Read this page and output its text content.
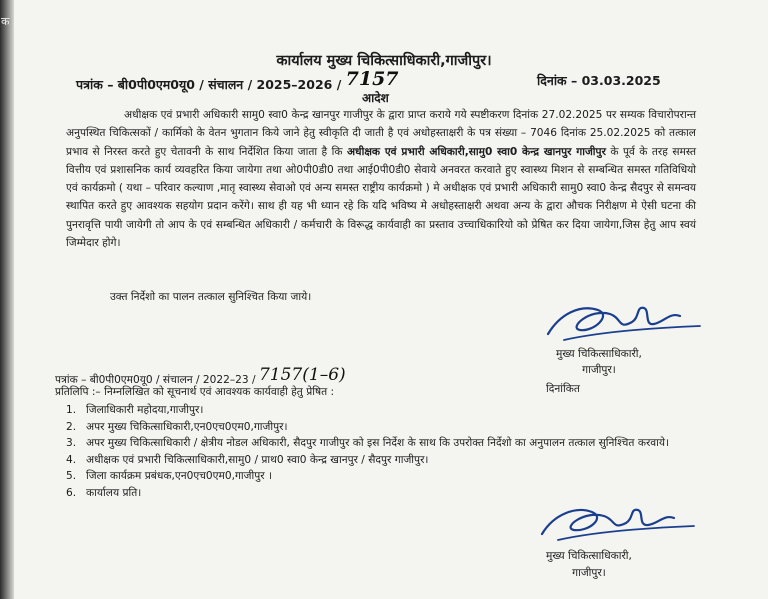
क
कार्यालय मुख्य चिकित्साधिकारी,गाजीपुर।
पत्रांक – बी0पी0एम0यू0 / संचालन / 2025–2026 / 7157	दिनांक – 03.03.2025
आदेश

अधीक्षक एवं प्रभारी अधिकारी सामु0 स्वा0 केन्द्र खानपुर गाजीपुर के द्वारा प्राप्त कराये गये स्पष्टीकरण दिनांक 27.02.2025 पर सम्यक विचारोपरान्त अनुपस्थित चिकित्सकों / कार्मिको के वेतन भुगतान किये जाने हेतु स्वीकृति दी जाती है एवं अधोहस्ताक्षरी के पत्र संख्या – 7046 दिनांक 25.02.2025 को तत्काल प्रभाव से निरस्त करते हुए चेतावनी के साथ निर्देशित किया जाता है कि अधीक्षक एवं प्रभारी अधिकारी,सामु0 स्वा0 केन्द्र खानपुर गाजीपुर के पूर्व के तरह समस्त वित्तीय एवं प्रशासनिक कार्य व्यवहरित किया जायेगा तथा ओ0पी0डी0 तथा आई0पी0डी0 सेवाये अनवरत करवाते हुए स्वास्थ्य मिशन से सम्बन्धित समस्त गतिविधियो एवं कार्यक्रमो ( यथा – परिवार कल्याण ,मातृ स्वास्थ्य सेवाओ एवं अन्य समस्त राष्ट्रीय कार्यक्रमो ) मे अधीक्षक एवं प्रभारी अधिकारी सामु0 स्वा0 केन्द्र सैदपुर से समन्वय स्थापित करते हुए आवश्यक सहयोग प्रदान करेंगे। साथ ही यह भी ध्यान रहे कि यदि भविष्य मे अधोहस्ताक्षरी अथवा अन्य के द्वारा औचक निरीक्षण मे ऐसी घटना की पुनरावृत्ति पायी जायेगी तो आप के एवं सम्बन्धित अधिकारी / कर्मचारी के विरूद्ध कार्यवाही का प्रस्ताव उच्चाधिकारियो को प्रेषित कर दिया जायेगा,जिस हेतु आप स्वयं जिम्मेदार होगे।

उक्त निर्देशो का पालन तत्काल सुनिश्चित किया जाये।
मुख्य चिकित्साधिकारी,
गाजीपुर।
पत्रांक – बी0पी0एम0यू0 / संचालन / 2022–23 / 7157(1–6)
दिनांकित
प्रतिलिपि :– निम्नलिखित को सूचनार्थ एवं आवश्यक कार्यवाही हेतु प्रेषित :
1. जिलाधिकारी महोदया,गाजीपुर।
2. अपर मुख्य चिकित्साधिकारी,एन0एच0एम0,गाजीपुर।
3. अपर मुख्य चिकित्साधिकारी / क्षेत्रीय नोडल अधिकारी, सैदपुर गाजीपुर को इस निर्देश के साथ कि उपरोक्त निर्देशो का अनुपालन तत्काल सुनिश्चित करवाये।
4. अधीक्षक एवं प्रभारी चिकित्साधिकारी,सामु0 / प्राथ0 स्वा0 केन्द्र खानपुर / सैदपुर गाजीपुर।
5. जिला कार्यक्रम प्रबंधक,एन0एच0एम0,गाजीपुर ।
6. कार्यालय प्रति।
मुख्य चिकित्साधिकारी,
गाजीपुर।
